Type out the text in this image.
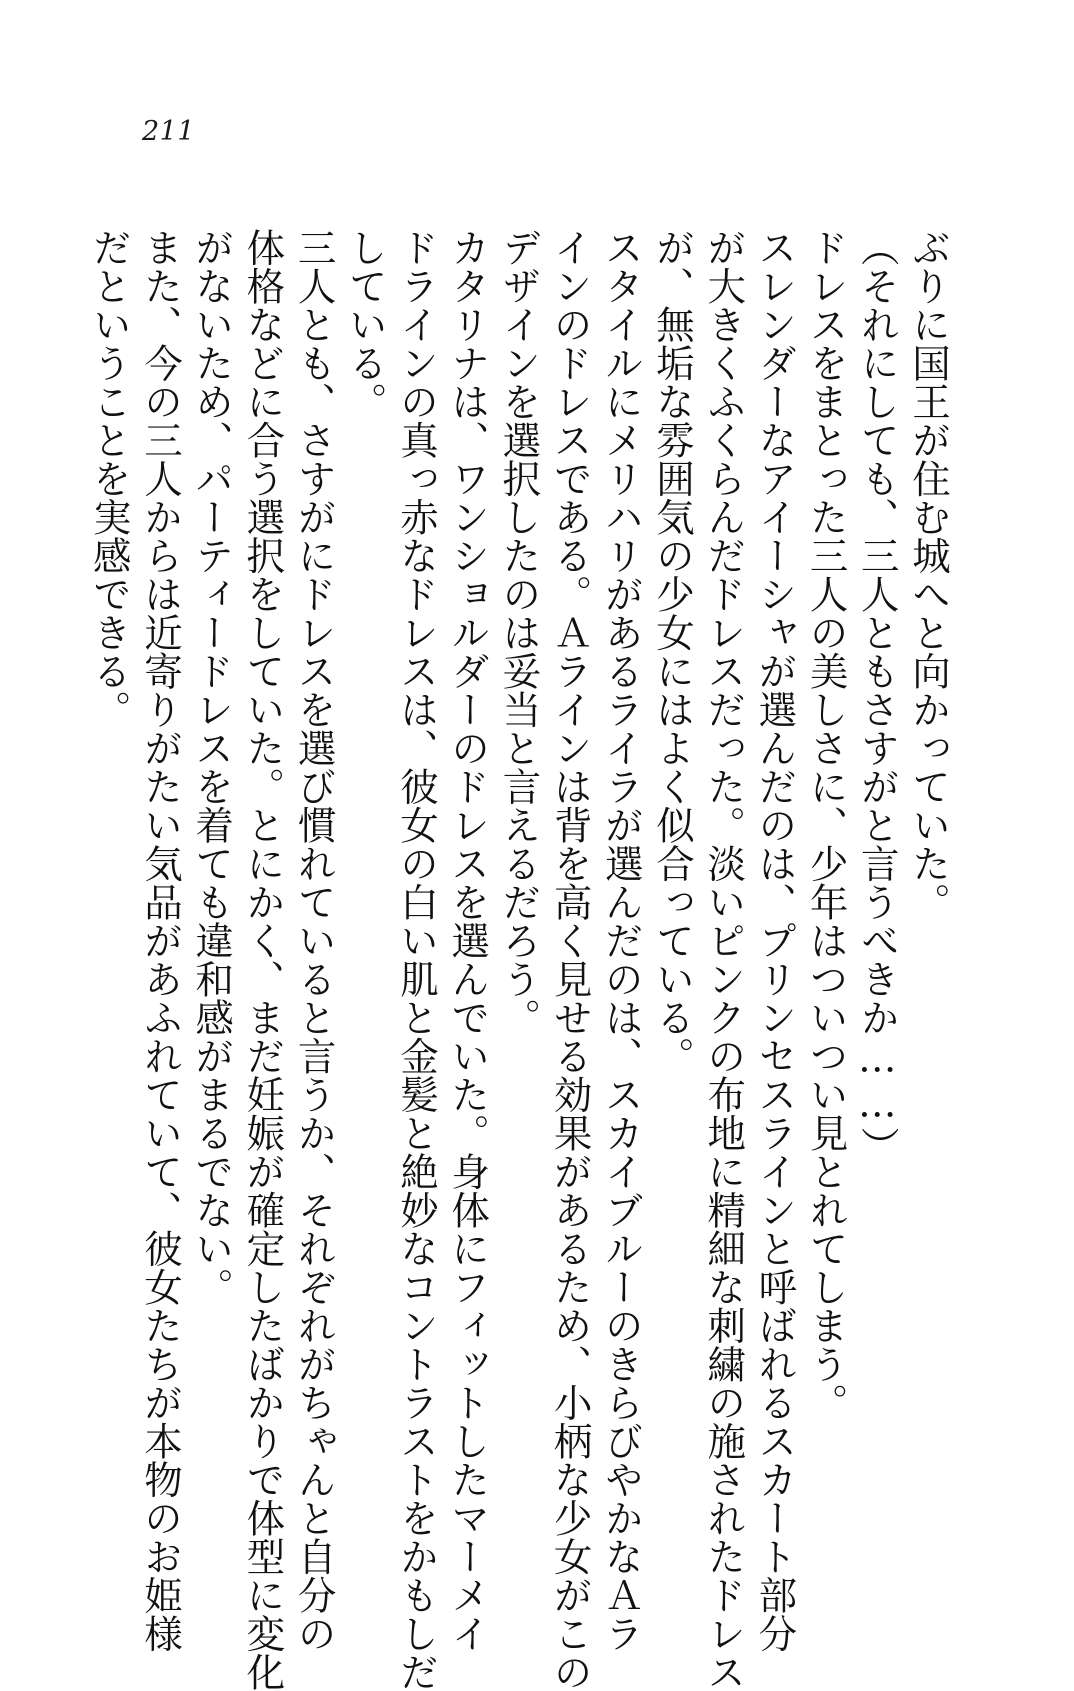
211
ぶりに国王が住む城へと向かっていた。
（それにしても、三人ともさすがと言うべきか……）
ドレスをまとった三人の美しさに、少年はついつい見とれてしまう。
スレンダーなアイーシャが選んだのは、プリンセスラインと呼ばれるスカート部分
が大きくふくらんだドレスだった。淡いピンクの布地に精細な刺繍の施されたドレス
が、無垢な雰囲気の少女にはよく似合っている。
スタイルにメリハリがあるライラが選んだのは、スカイブルーのきらびやかなＡラ
インのドレスである。Ａラインは背を高く見せる効果があるため、小柄な少女がこの
デザインを選択したのは妥当と言えるだろう。
カタリナは、ワンショルダーのドレスを選んでいた。身体にフィットしたマーメイ
ドラインの真っ赤なドレスは、彼女の白い肌と金髪と絶妙なコントラストをかもしだ
している。
三人とも、さすがにドレスを選び慣れていると言うか、それぞれがちゃんと自分の
体格などに合う選択をしていた。とにかく、まだ妊娠が確定したばかりで体型に変化
がないため、パーティードレスを着ても違和感がまるでない。
また、今の三人からは近寄りがたい気品があふれていて、彼女たちが本物のお姫様
だということを実感できる。
